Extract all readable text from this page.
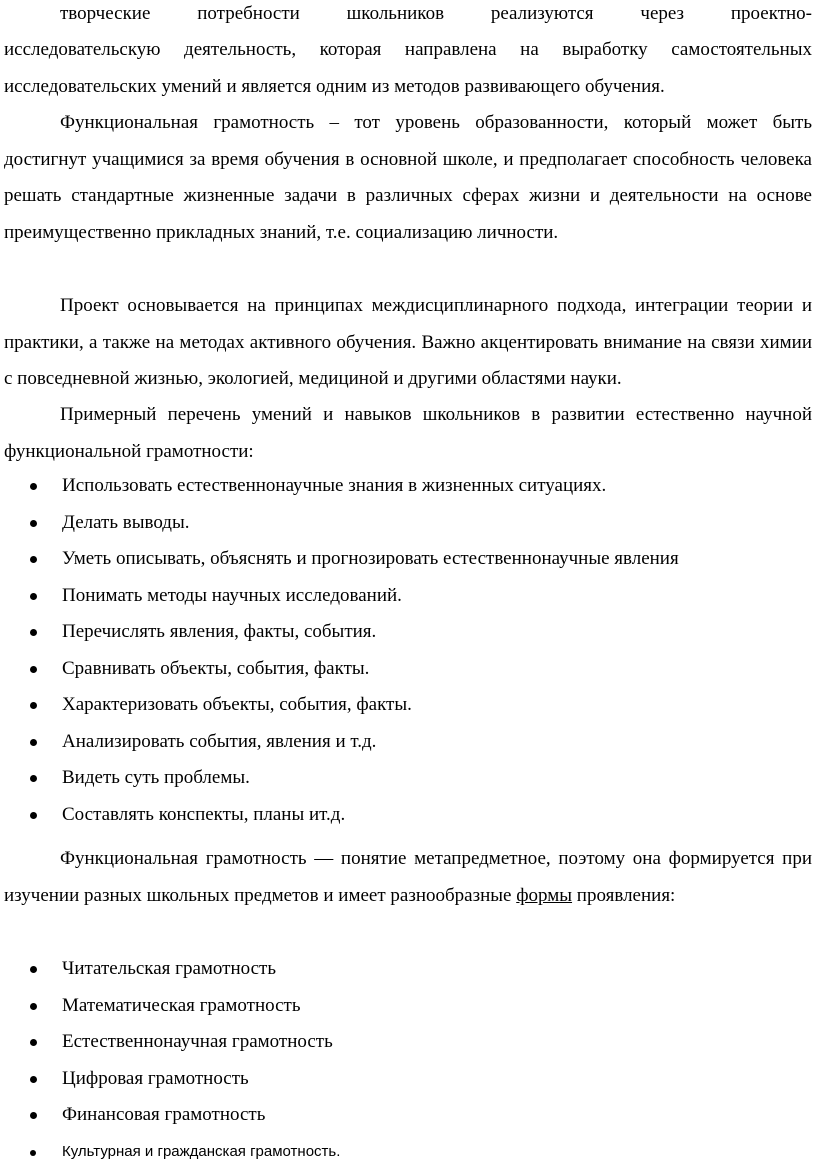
творческие потребности школьников реализуются через проектно-

исследовательскую деятельность, которая направлена на выработку самостоятельных исследовательских умений и является одним из методов развивающего обучения.

Функциональная грамотность – тот уровень образованности, который может быть достигнут учащимися за время обучения в основной школе, и предполагает способность человека решать стандартные жизненные задачи в различных сферах жизни и деятельности на основе преимущественно прикладных знаний, т.е. социализацию личности.

Проект основывается на принципах междисциплинарного подхода, интеграции теории и практики, а также на методах активного обучения. Важно акцентировать внимание на связи химии с повседневной жизнью, экологией, медициной и другими областями науки.

Примерный перечень умений и навыков школьников в развитии естественно научной функциональной грамотности:

Использовать естественнонаучные знания в жизненных ситуациях.
Делать выводы.
Уметь описывать, объяснять и прогнозировать естественнонаучные явления
Понимать методы научных исследований.
Перечислять явления, факты, события.
Сравнивать объекты, события, факты.
Характеризовать объекты, события, факты.
Анализировать события, явления и т.д.
Видеть суть проблемы.
Составлять конспекты, планы ит.д.

Функциональная грамотность — понятие метапредметное, поэтому она формируется при изучении разных школьных предметов и имеет разнообразные формы проявления:

Читательская грамотность
Математическая грамотность
Естественнонаучная грамотность
Цифровая грамотность
Финансовая грамотность
Культурная и гражданская грамотность.
